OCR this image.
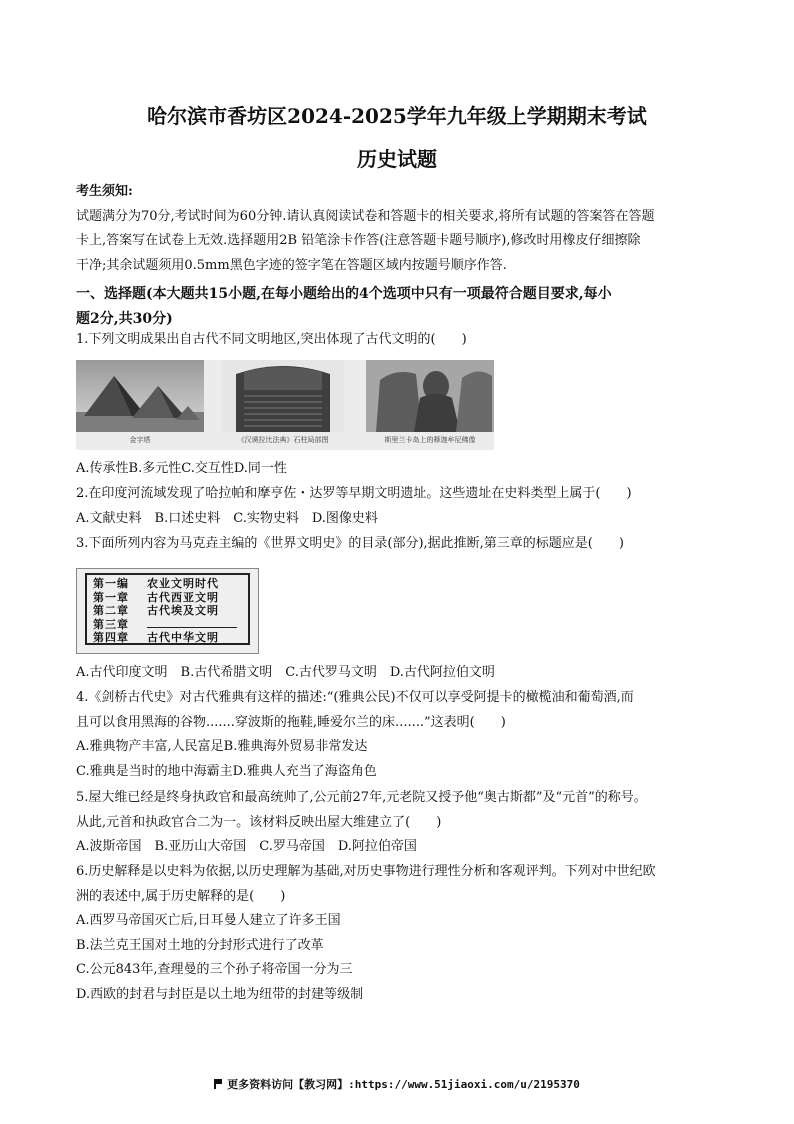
哈尔滨市香坊区2024-2025学年九年级上学期期末考试
历史试题
考生须知:
试题满分为70分,考试时间为60分钟.请认真阅读试卷和答题卡的相关要求,将所有试题的答案答在答题
卡上,答案写在试卷上无效.选择题用2B 铅笔涂卡作答(注意答题卡题号顺序),修改时用橡皮仔细擦除
干净;其余试题须用0.5mm黑色字迹的签字笔在答题区域内按题号顺序作答.
一、选择题(本大题共15小题,在每小题给出的4个选项中只有一项最符合题目要求,每小
题2分,共30分)
1.下列文明成果出自古代不同文明地区,突出体现了古代文明的(　　)
金字塔	《汉谟拉比法典》石柱局部图	斯里兰卡岛上的释迦牟尼佛像
A.传承性B.多元性C.交互性D.同一性
2.在印度河流域发现了哈拉帕和摩亨佐・达罗等早期文明遗址。这些遗址在史料类型上属于(　　)
A.文献史料　B.口述史料　C.实物史料　D.图像史料
3.下面所列内容为马克垚主编的《世界文明史》的目录(部分),据此推断,第三章的标题应是(　　)
第一编 农业文明时代
第一章 古代西亚文明
第二章 古代埃及文明
第三章
第四章 古代中华文明
A.古代印度文明　B.古代希腊文明　C.古代罗马文明　D.古代阿拉伯文明
4.《剑桥古代史》对古代雅典有这样的描述:“(雅典公民)不仅可以享受阿提卡的橄榄油和葡萄酒,而
且可以食用黑海的谷物.......穿波斯的拖鞋,睡爱尔兰的床.......”这表明(　　)
A.雅典物产丰富,人民富足B.雅典海外贸易非常发达
C.雅典是当时的地中海霸主D.雅典人充当了海盗角色
5.屋大维已经是终身执政官和最高统帅了,公元前27年,元老院又授予他“奥古斯都”及“元首”的称号。
从此,元首和执政官合二为一。该材料反映出屋大维建立了(　　)
A.波斯帝国　B.亚历山大帝国　C.罗马帝国　D.阿拉伯帝国
6.历史解释是以史料为依据,以历史理解为基础,对历史事物进行理性分析和客观评判。下列对中世纪欧
洲的表述中,属于历史解释的是(　　)
A.西罗马帝国灭亡后,日耳曼人建立了许多王国
B.法兰克王国对土地的分封形式进行了改革
C.公元843年,查理曼的三个孙子将帝国一分为三
D.西欧的封君与封臣是以土地为纽带的封建等级制
更多资料访问【教习网】:https://www.51jiaoxi.com/u/2195370
